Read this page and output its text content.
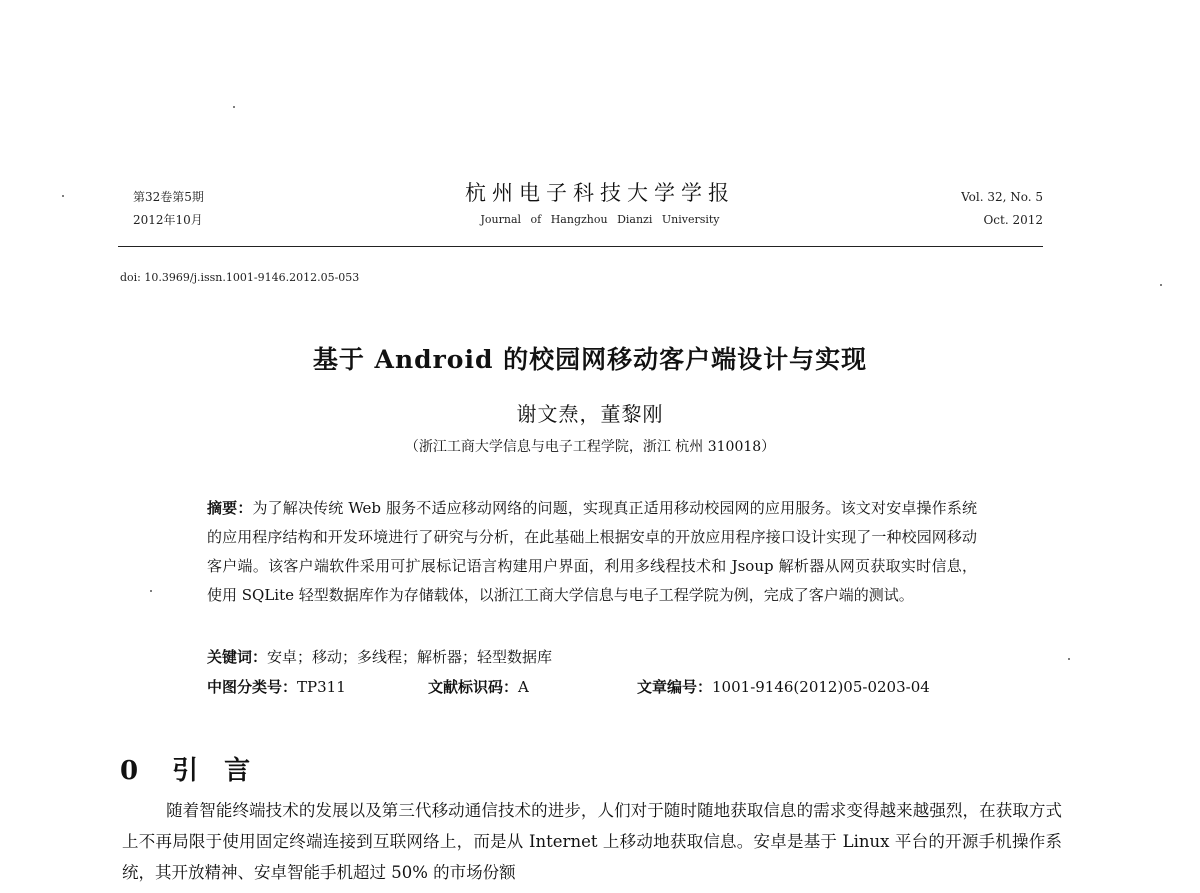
第32卷第5期
2012年10月
杭州电子科技大学学报
Journal of Hangzhou Dianzi University
Vol. 32, No. 5
Oct. 2012
doi: 10.3969/j.issn.1001-9146.2012.05-053
基于 Android 的校园网移动客户端设计与实现
谢文焘，董黎刚
（浙江工商大学信息与电子工程学院，浙江 杭州 310018）
摘要：为了解决传统 Web 服务不适应移动网络的问题，实现真正适用移动校园网的应用服务。该文对安卓操作系统的应用程序结构和开发环境进行了研究与分析，在此基础上根据安卓的开放应用程序接口设计实现了一种校园网移动客户端。该客户端软件采用可扩展标记语言构建用户界面，利用多线程技术和 Jsoup 解析器从网页获取实时信息，使用 SQLite 轻型数据库作为存储载体，以浙江工商大学信息与电子工程学院为例，完成了客户端的测试。
关键词：安卓；移动；多线程；解析器；轻型数据库
中图分类号：TP311	文献标识码：A	文章编号：1001-9146(2012)05-0203-04
0 引言
随着智能终端技术的发展以及第三代移动通信技术的进步，人们对于随时随地获取信息的需求变得越来越强烈，在获取方式上不再局限于使用固定终端连接到互联网络上，而是从 Internet 上移动地获取信息。安卓是基于 Linux 平台的开源手机操作系统，其开放精神、安卓智能手机超过 50% 的市场份额
